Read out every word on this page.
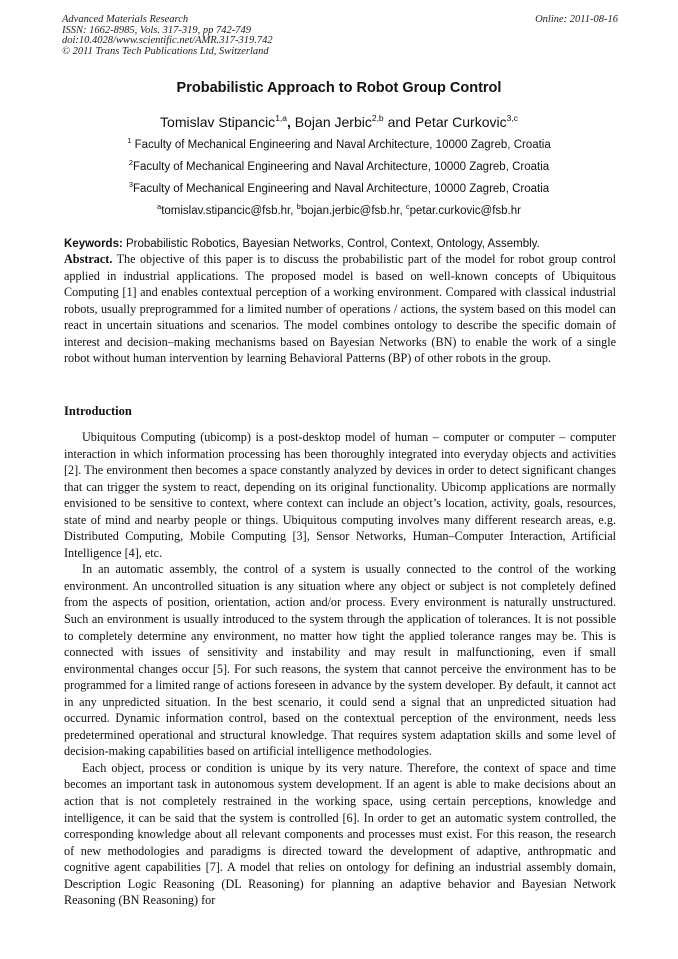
Advanced Materials Research
ISSN: 1662-8985, Vols. 317-319, pp 742-749
doi:10.4028/www.scientific.net/AMR.317-319.742
© 2011 Trans Tech Publications Ltd, Switzerland
Online: 2011-08-16
Probabilistic Approach to Robot Group Control
Tomislav Stipancic$^{1,a}$, Bojan Jerbic$^{2,b}$ and Petar Curkovic$^{3,c}$
$^1$ Faculty of Mechanical Engineering and Naval Architecture, 10000 Zagreb, Croatia
$^2$Faculty of Mechanical Engineering and Naval Architecture, 10000 Zagreb, Croatia
$^3$Faculty of Mechanical Engineering and Naval Architecture, 10000 Zagreb, Croatia
$^a$tomislav.stipancic@fsb.hr, $^b$bojan.jerbic@fsb.hr, $^c$petar.curkovic@fsb.hr
Keywords: Probabilistic Robotics, Bayesian Networks, Control, Context, Ontology, Assembly.
Abstract. The objective of this paper is to discuss the probabilistic part of the model for robot group control applied in industrial applications. The proposed model is based on well-known concepts of Ubiquitous Computing [1] and enables contextual perception of a working environment. Compared with classical industrial robots, usually preprogrammed for a limited number of operations / actions, the system based on this model can react in uncertain situations and scenarios. The model combines ontology to describe the specific domain of interest and decision–making mechanisms based on Bayesian Networks (BN) to enable the work of a single robot without human intervention by learning Behavioral Patterns (BP) of other robots in the group.
Introduction

Ubiquitous Computing (ubicomp) is a post-desktop model of human – computer or computer – computer interaction in which information processing has been thoroughly integrated into everyday objects and activities [2]. The environment then becomes a space constantly analyzed by devices in order to detect significant changes that can trigger the system to react, depending on its original functionality. Ubicomp applications are normally envisioned to be sensitive to context, where context can include an object’s location, activity, goals, resources, state of mind and nearby people or things. Ubiquitous computing involves many different research areas, e.g. Distributed Computing, Mobile Computing [3], Sensor Networks, Human–Computer Interaction, Artificial Intelligence [4], etc.

In an automatic assembly, the control of a system is usually connected to the control of the working environment. An uncontrolled situation is any situation where any object or subject is not completely defined from the aspects of position, orientation, action and/or process. Every environment is naturally unstructured. Such an environment is usually introduced to the system through the application of tolerances. It is not possible to completely determine any environment, no matter how tight the applied tolerance ranges may be. This is connected with issues of sensitivity and instability and may result in malfunctioning, even if small environmental changes occur [5]. For such reasons, the system that cannot perceive the environment has to be programmed for a limited range of actions foreseen in advance by the system developer. By default, it cannot act in any unpredicted situation. In the best scenario, it could send a signal that an unpredicted situation had occurred. Dynamic information control, based on the contextual perception of the environment, needs less predetermined operational and structural knowledge. That requires system adaptation skills and some level of decision-making capabilities based on artificial intelligence methodologies.

Each object, process or condition is unique by its very nature. Therefore, the context of space and time becomes an important task in autonomous system development. If an agent is able to make decisions about an action that is not completely restrained in the working space, using certain perceptions, knowledge and intelligence, it can be said that the system is controlled [6]. In order to get an automatic system controlled, the corresponding knowledge about all relevant components and processes must exist. For this reason, the research of new methodologies and paradigms is directed toward the development of adaptive, anthropmatic and cognitive agent capabilities [7]. A model that relies on ontology for defining an industrial assembly domain, Description Logic Reasoning (DL Reasoning) for planning an adaptive behavior and Bayesian Network Reasoning (BN Reasoning) for
